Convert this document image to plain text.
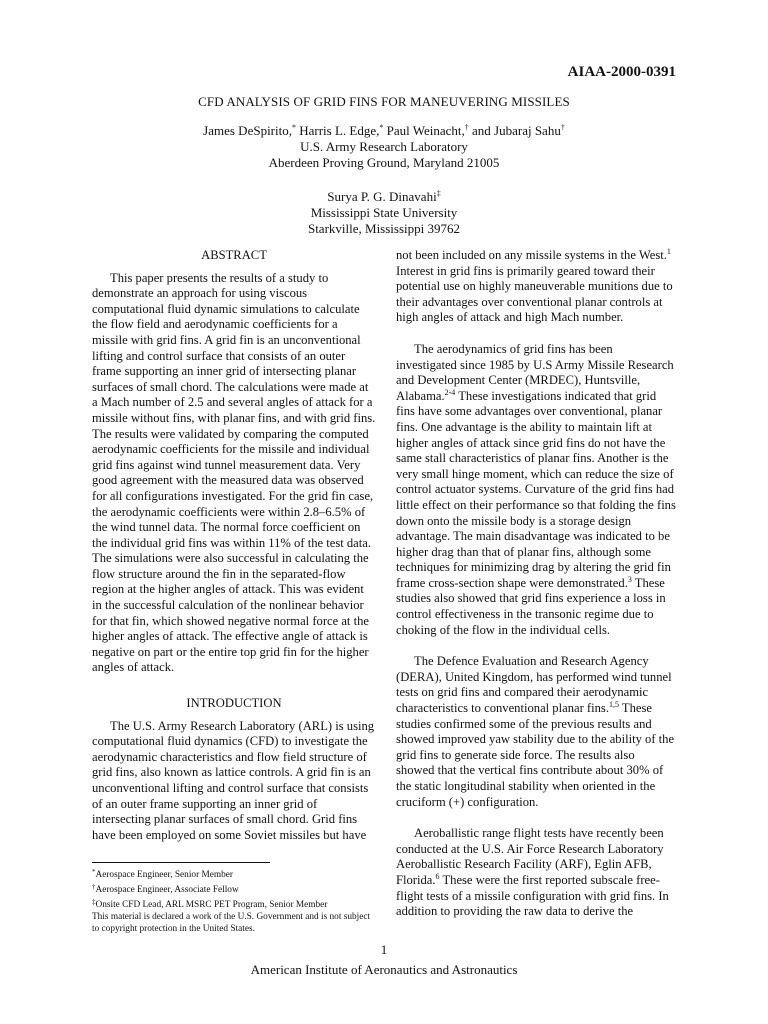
AIAA-2000-0391
CFD ANALYSIS OF GRID FINS FOR MANEUVERING MISSILES
James DeSpirito,* Harris L. Edge,* Paul Weinacht,† and Jubaraj Sahu†
U.S. Army Research Laboratory
Aberdeen Proving Ground, Maryland 21005
Surya P. G. Dinavahi‡
Mississippi State University
Starkville, Mississippi 39762
ABSTRACT

This paper presents the results of a study to demonstrate an approach for using viscous computational fluid dynamic simulations to calculate the flow field and aerodynamic coefficients for a missile with grid fins. A grid fin is an unconventional lifting and control surface that consists of an outer frame supporting an inner grid of intersecting planar surfaces of small chord. The calculations were made at a Mach number of 2.5 and several angles of attack for a missile without fins, with planar fins, and with grid fins. The results were validated by comparing the computed aerodynamic coefficients for the missile and individual grid fins against wind tunnel measurement data. Very good agreement with the measured data was observed for all configurations investigated. For the grid fin case, the aerodynamic coefficients were within 2.8–6.5% of the wind tunnel data. The normal force coefficient on the individual grid fins was within 11% of the test data. The simulations were also successful in calculating the flow structure around the fin in the separated-flow region at the higher angles of attack. This was evident in the successful calculation of the nonlinear behavior for that fin, which showed negative normal force at the higher angles of attack. The effective angle of attack is negative on part or the entire top grid fin for the higher angles of attack.

INTRODUCTION

The U.S. Army Research Laboratory (ARL) is using computational fluid dynamics (CFD) to investigate the aerodynamic characteristics and flow field structure of grid fins, also known as lattice controls. A grid fin is an unconventional lifting and control surface that consists of an outer frame supporting an inner grid of intersecting planar surfaces of small chord. Grid fins have been employed on some Soviet missiles but have

not been included on any missile systems in the West.$^1$ Interest in grid fins is primarily geared toward their potential use on highly maneuverable munitions due to their advantages over conventional planar controls at high angles of attack and high Mach number.

The aerodynamics of grid fins has been investigated since 1985 by U.S Army Missile Research and Development Center (MRDEC), Huntsville, Alabama.$^{2-4}$ These investigations indicated that grid fins have some advantages over conventional, planar fins. One advantage is the ability to maintain lift at higher angles of attack since grid fins do not have the same stall characteristics of planar fins. Another is the very small hinge moment, which can reduce the size of control actuator systems. Curvature of the grid fins had little effect on their performance so that folding the fins down onto the missile body is a storage design advantage. The main disadvantage was indicated to be higher drag than that of planar fins, although some techniques for minimizing drag by altering the grid fin frame cross-section shape were demonstrated.$^3$ These studies also showed that grid fins experience a loss in control effectiveness in the transonic regime due to choking of the flow in the individual cells.

The Defence Evaluation and Research Agency (DERA), United Kingdom, has performed wind tunnel tests on grid fins and compared their aerodynamic characteristics to conventional planar fins.$^{1,5}$ These studies confirmed some of the previous results and showed improved yaw stability due to the ability of the grid fins to generate side force. The results also showed that the vertical fins contribute about 30% of the static longitudinal stability when oriented in the cruciform (+) configuration.

Aeroballistic range flight tests have recently been conducted at the U.S. Air Force Research Laboratory Aeroballistic Research Facility (ARF), Eglin AFB, Florida.$^6$ These were the first reported subscale free-flight tests of a missile configuration with grid fins. In addition to providing the raw data to derive the

*Aerospace Engineer, Senior Member
†Aerospace Engineer, Associate Fellow
‡Onsite CFD Lead, ARL MSRC PET Program, Senior Member
This material is declared a work of the U.S. Government and is not subject to copyright protection in the United States.
1
American Institute of Aeronautics and Astronautics
